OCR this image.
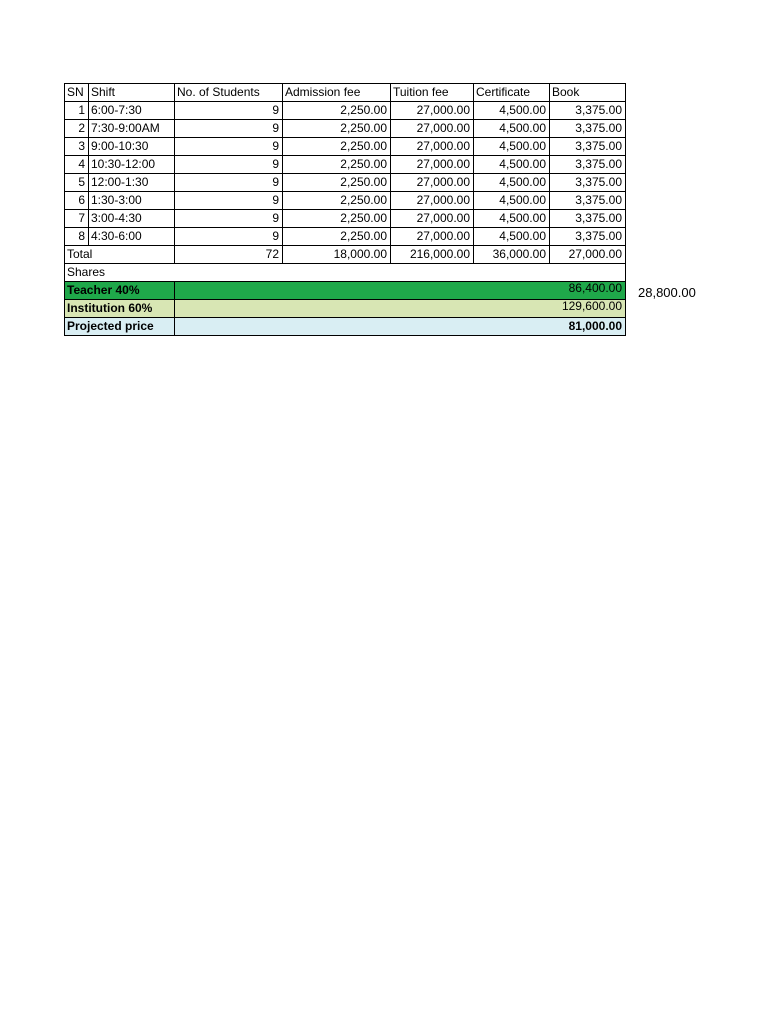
SN	Shift	No. of Students	Admission fee	Tuition fee	Certificate	Book
1	6:00-7:30	9	2,250.00	27,000.00	4,500.00	3,375.00
2	7:30-9:00AM	9	2,250.00	27,000.00	4,500.00	3,375.00
3	9:00-10:30	9	2,250.00	27,000.00	4,500.00	3,375.00
4	10:30-12:00	9	2,250.00	27,000.00	4,500.00	3,375.00
5	12:00-1:30	9	2,250.00	27,000.00	4,500.00	3,375.00
6	1:30-3:00	9	2,250.00	27,000.00	4,500.00	3,375.00
7	3:00-4:30	9	2,250.00	27,000.00	4,500.00	3,375.00
8	4:30-6:00	9	2,250.00	27,000.00	4,500.00	3,375.00
Total		72	18,000.00	216,000.00	36,000.00	27,000.00
Shares						
Teacher 40%		86,400.00				
Institution 60%		129,600.00				
Projected price		81,000.00				
28,800.00
